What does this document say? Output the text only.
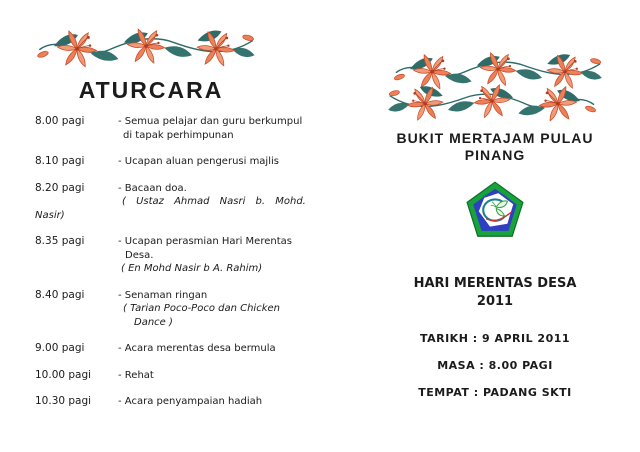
ATURCARA
8.00 pagi	- Semua pelajar dan guru berkumpul
di tapak perhimpunan
8.10 pagi	- Ucapan aluan pengerusi majlis
8.20 pagi	- Bacaan doa.
( Ustaz Ahmad Nasri b. Mohd.
Nasir)
8.35 pagi	- Ucapan perasmian Hari Merentas
Desa.
( En Mohd Nasir b A. Rahim)
8.40 pagi	- Senaman ringan
( Tarian Poco-Poco dan Chicken
Dance )
9.00 pagi	- Acara merentas desa bermula
10.00 pagi	- Rehat
10.30 pagi	- Acara penyampaian hadiah
BUKIT MERTAJAM PULAU
PINANG
HARI MERENTAS DESA
2011
TARIKH : 9 APRIL 2011
MASA : 8.00 PAGI
TEMPAT : PADANG SKTI
